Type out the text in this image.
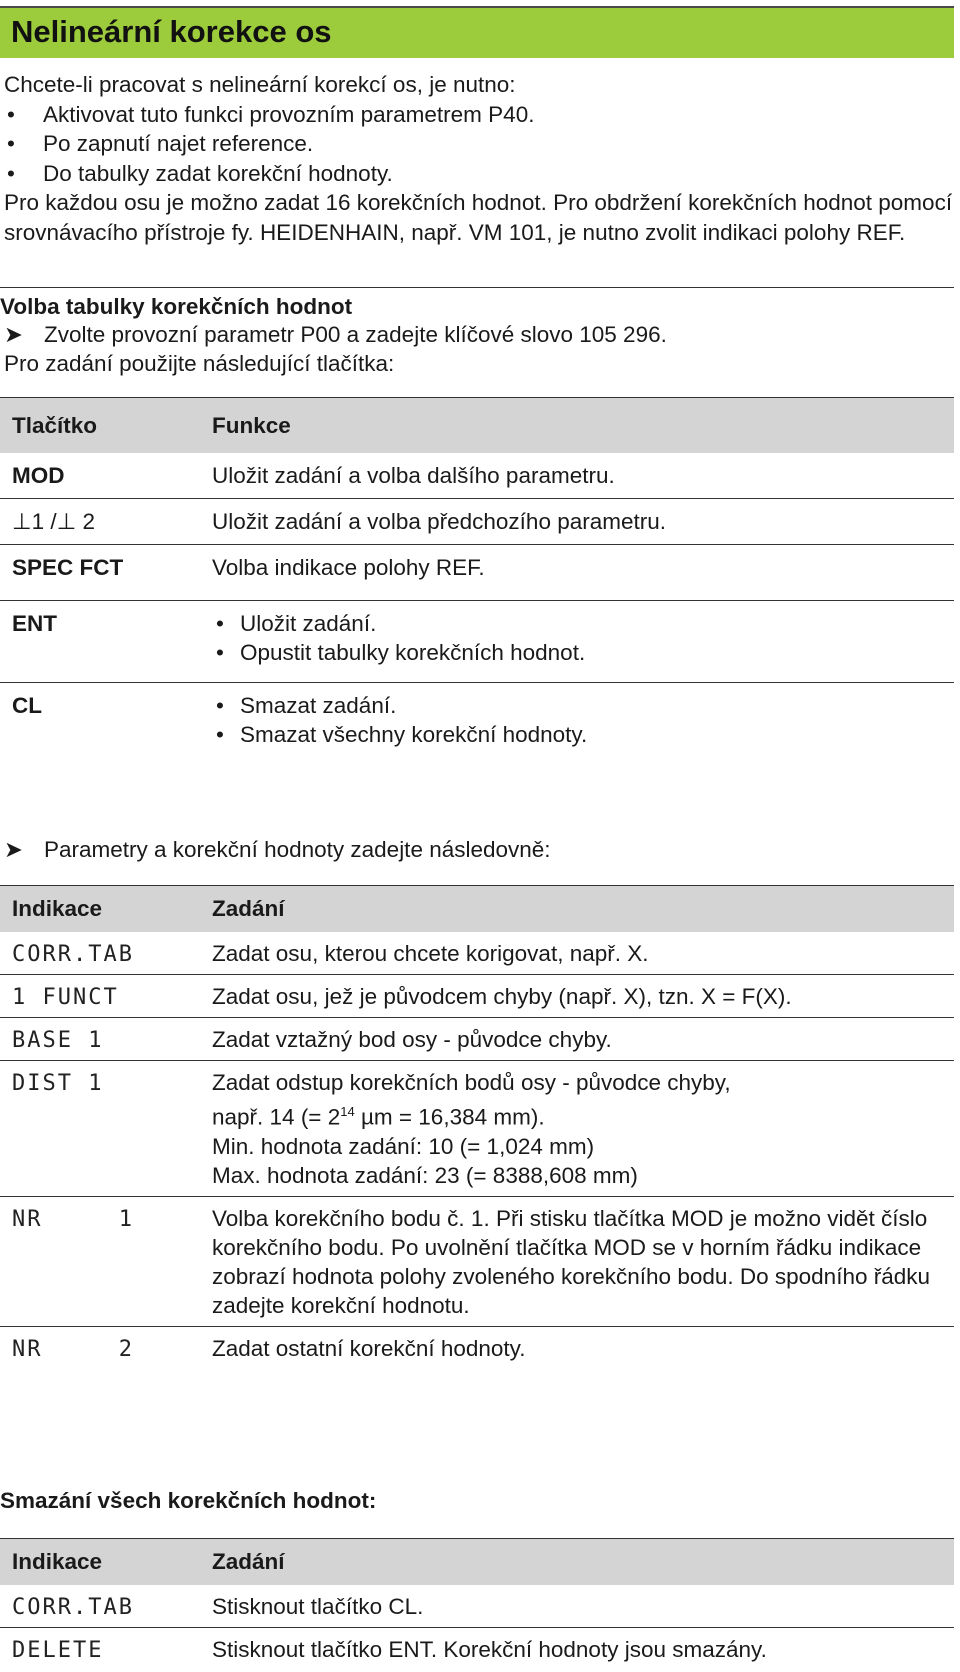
Nelineární korekce os

Chcete-li pracovat s nelineární korekcí os, je nutno:

•	Aktivovat tuto funkci provozním parametrem P40.
•	Po zapnutí najet reference.
•	Do tabulky zadat korekční hodnoty.

Pro každou osu je možno zadat 16 korekčních hodnot. Pro obdržení korekčních hodnot pomocí srovnávacího přístroje fy. HEIDENHAIN, např. VM 101, je nutno zvolit indikaci polohy REF.

Volba tabulky korekčních hodnot
➤ Zvolte provozní parametr P00 a zadejte klíčové slovo 105 296.
Pro zadání použijte následující tlačítka:
Tlačítko	Funkce
MOD	Uložit zadání a volba dalšího parametru.
⊥1 /⊥ 2	Uložit zadání a volba předchozího parametru.
SPEC FCT	Volba indikace polohy REF.
ENT	• Uložit zadání.
• Opustit tabulky korekčních hodnot.

CL	• Smazat zadání.
• Smazat všechny korekční hodnoty.
➤ Parametry a korekční hodnoty zadejte následovně:
Indikace	Zadání
CORR.TAB	Zadat osu, kterou chcete korigovat, např. X.
1 FUNCT	Zadat osu, jež je původcem chyby (např. X), tzn. X = F(X).
BASE 1	Zadat vztažný bod osy - původce chyby.
DIST 1	Zadat odstup korekčních bodů osy - původce chyby,
např. 14 (= $2^{14}$ µm = 16,384 mm).
Min. hodnota zadání: 10 (= 1,024 mm)
Max. hodnota zadání: 23 (= 8388,608 mm)

NR     1	Volba korekčního bodu č. 1. Při stisku tlačítka MOD je možno vidět číslo korekčního bodu. Po uvolnění tlačítka MOD se v horním řádku indikace zobrazí hodnota polohy zvoleného korekčního bodu. Do spodního řádku zadejte korekční hodnotu.
NR     2	Zadat ostatní korekční hodnoty.
Smazání všech korekčních hodnot:
Indikace	Zadání
CORR.TAB	Stisknout tlačítko CL.
DELETE	Stisknout tlačítko ENT. Korekční hodnoty jsou smazány.
